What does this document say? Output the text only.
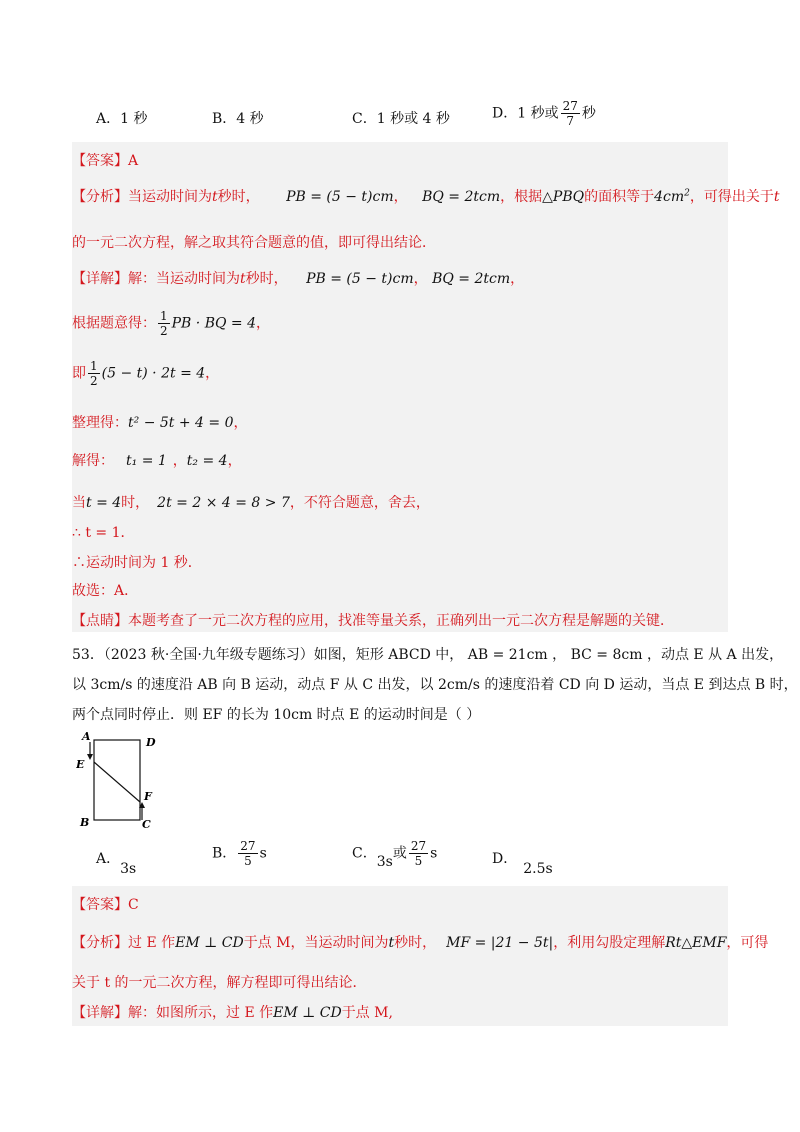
A．1 秒	B．4 秒	C．1 秒或 4 秒	D．1 秒或 $\frac{27}{7}$ 秒
【答案】A
【分析】当运动时间为t秒时， PB = (5 − t)cm， BQ = 2tcm，根据△PBQ的面积等于$4cm^2$，可得出关于t
的一元二次方程，解之取其符合题意的值，即可得出结论．
【详解】解：当运动时间为t秒时， PB = (5 − t)cm， BQ = 2tcm，
根据题意得： $\frac{1}{2}$ PB · BQ = 4，
即 $\frac{1}{2} (5 - t) \cdot 2t = 4$，
整理得：t² − 5t + 4 = 0，
解得： t₁ = 1 ，t₂ = 4，
当t = 4时， 2t = 2 × 4 = 8 > 7，不符合题意，舍去，
∴ t = 1．
∴运动时间为 1 秒．
故选：A．
【点睛】本题考查了一元二次方程的应用，找准等量关系，正确列出一元二次方程是解题的关键．
53．（2023 秋·全国·九年级专题练习）如图，矩形 ABCD 中， AB = 21cm ， BC = 8cm ，动点 E 从 A 出发，
以 3cm/s 的速度沿 AB 向 B 运动，动点 F 从 C 出发，以 2cm/s 的速度沿着 CD 向 D 运动，当点 E 到达点 B 时，
两个点同时停止．则 EF 的长为 10cm 时点 E 的运动时间是（ ）
A	D
E
F
B	C
A．3s
B． $\frac{27}{5}$ s	C．3s或 $\frac{27}{5}$ s	D．2.5s
【答案】C
【分析】过 E 作EM ⊥ CD于点 M，当运动时间为t秒时， MF = |21 − 5t|，利用勾股定理解Rt△EMF，可得
关于 t 的一元二次方程，解方程即可得出结论．
【详解】解：如图所示，过 E 作EM ⊥ CD于点 M,
